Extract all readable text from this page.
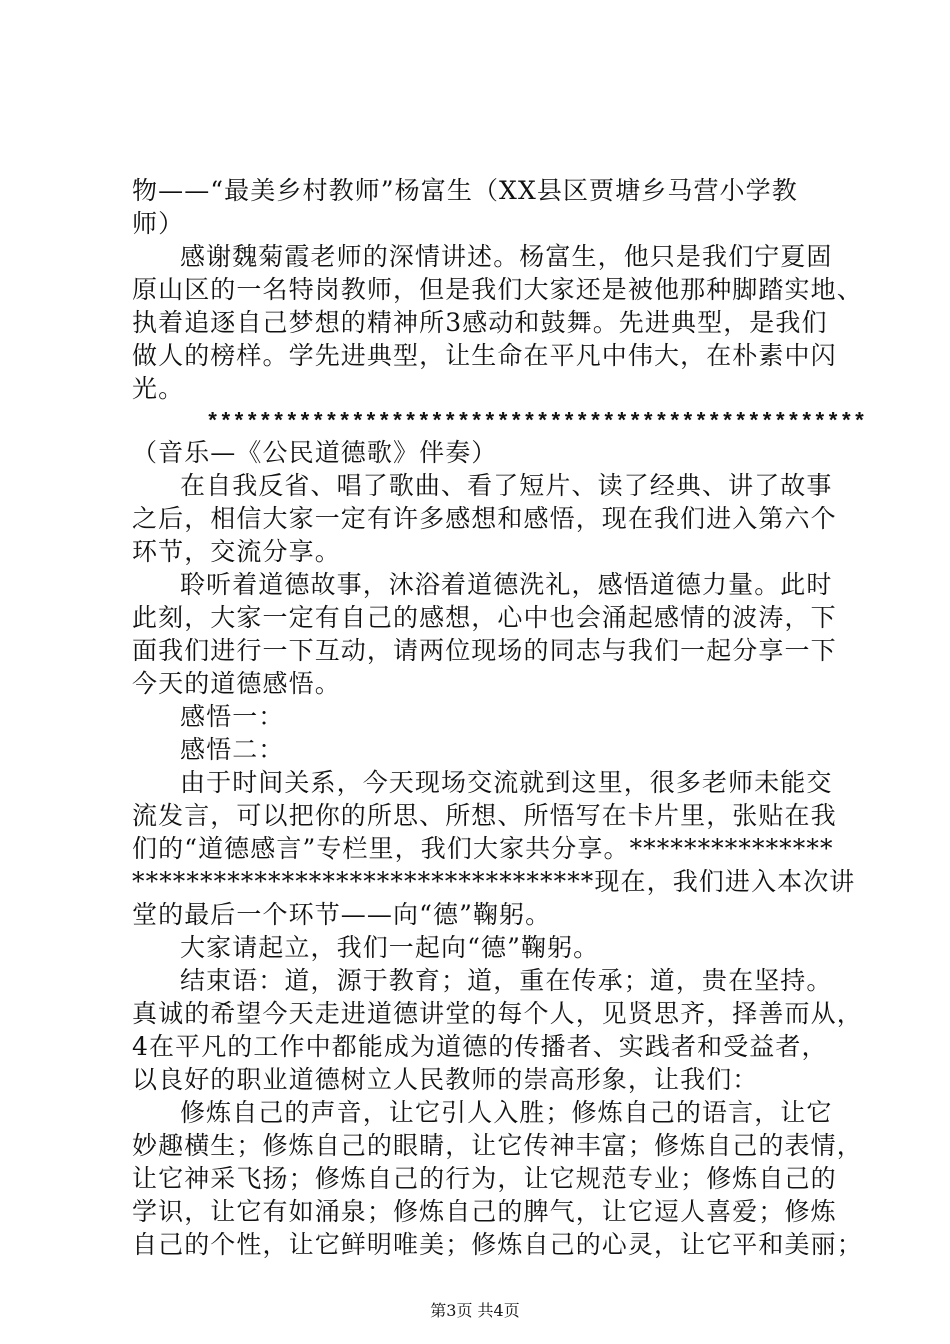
物——“最美乡村教师”杨富生（XX县区贾塘乡马营小学教
师）
感谢魏菊霞老师的深情讲述。杨富生，他只是我们宁夏固
原山区的一名特岗教师，但是我们大家还是被他那种脚踏实地、
执着追逐自己梦想的精神所3感动和鼓舞。先进典型，是我们
做人的榜样。学先进典型，让生命在平凡中伟大，在朴素中闪
光。
**************************************************
（音乐—《公民道德歌》伴奏）
在自我反省、唱了歌曲、看了短片、读了经典、讲了故事
之后，相信大家一定有许多感想和感悟，现在我们进入第六个
环节，交流分享。
聆听着道德故事，沐浴着道德洗礼，感悟道德力量。此时
此刻，大家一定有自己的感想，心中也会涌起感情的波涛，下
面我们进行一下互动，请两位现场的同志与我们一起分享一下
今天的道德感悟。
感悟一：
感悟二：
由于时间关系，今天现场交流就到这里，很多老师未能交
流发言，可以把你的所思、所想、所悟写在卡片里，张贴在我
们的“道德感言”专栏里，我们大家共分享。***************
**********************************现在，我们进入本次讲
堂的最后一个环节——向“德”鞠躬。
大家请起立，我们一起向“德”鞠躬。
结束语：道，源于教育；道，重在传承；道，贵在坚持。
真诚的希望今天走进道德讲堂的每个人，见贤思齐，择善而从，
4在平凡的工作中都能成为道德的传播者、实践者和受益者，
以良好的职业道德树立人民教师的崇高形象，让我们：
修炼自己的声音，让它引人入胜；修炼自己的语言，让它
妙趣横生；修炼自己的眼睛，让它传神丰富；修炼自己的表情，
让它神采飞扬；修炼自己的行为，让它规范专业；修炼自己的
学识，让它有如涌泉；修炼自己的脾气，让它逗人喜爱；修炼
自己的个性，让它鲜明唯美；修炼自己的心灵，让它平和美丽；
第3页 共4页
